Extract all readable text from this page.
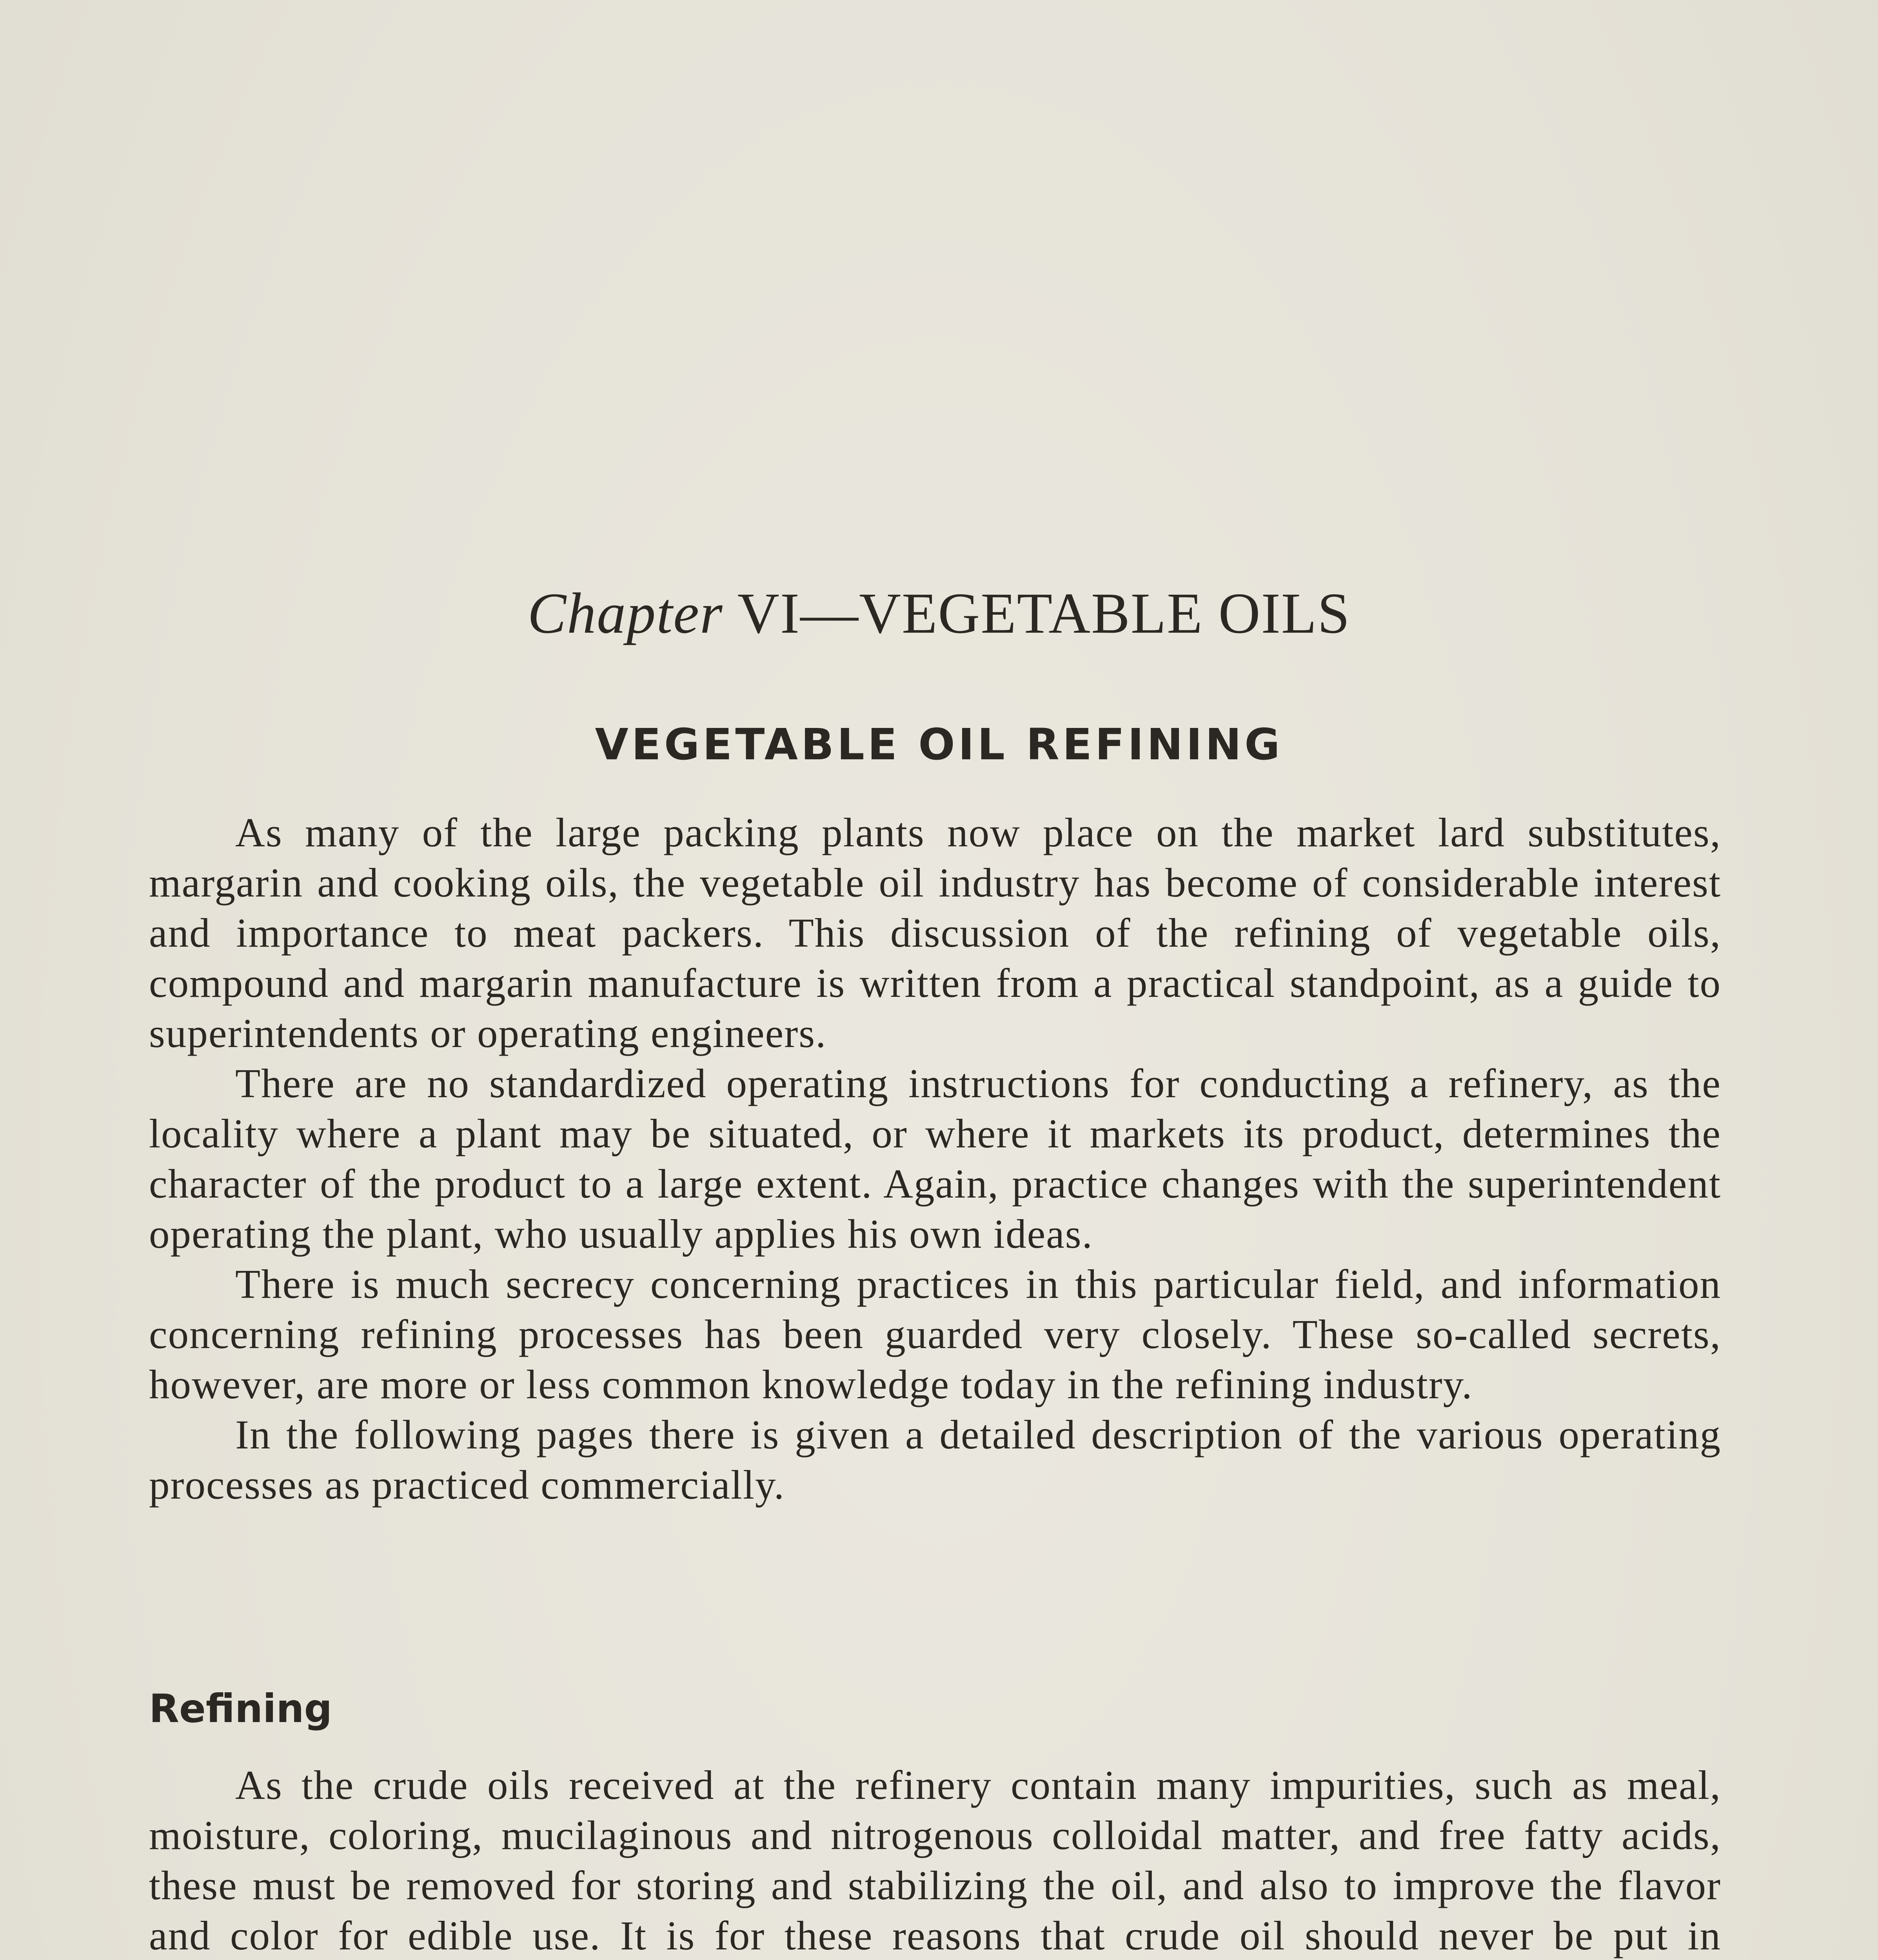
Chapter VI—VEGETABLE OILS
VEGETABLE OIL REFINING

As many of the large packing plants now place on the market lard substitutes, margarin and cooking oils, the vegetable oil industry has become of considerable interest and importance to meat packers. This discussion of the refining of vegetable oils, compound and margarin manufacture is written from a practical standpoint, as a guide to superintendents or operating engineers.

There are no standardized operating instructions for conducting a refinery, as the locality where a plant may be situated, or where it markets its product, determines the character of the product to a large extent. Again, practice changes with the superintendent operating the plant, who usually applies his own ideas.

There is much secrecy concerning practices in this particular field, and information concerning refining processes has been guarded very closely. These so-called secrets, however, are more or less common knowledge today in the refining industry.

In the following pages there is given a detailed description of the various operating processes as practiced commercially.

Refining

As the crude oils received at the refinery contain many impurities, such as meal, moisture, coloring, mucilaginous and nitrogenous colloidal matter, and free fatty acids, these must be removed for storing and stabilizing the oil, and also to improve the flavor and color for edible use. It is for these reasons that crude oil should never be put in
